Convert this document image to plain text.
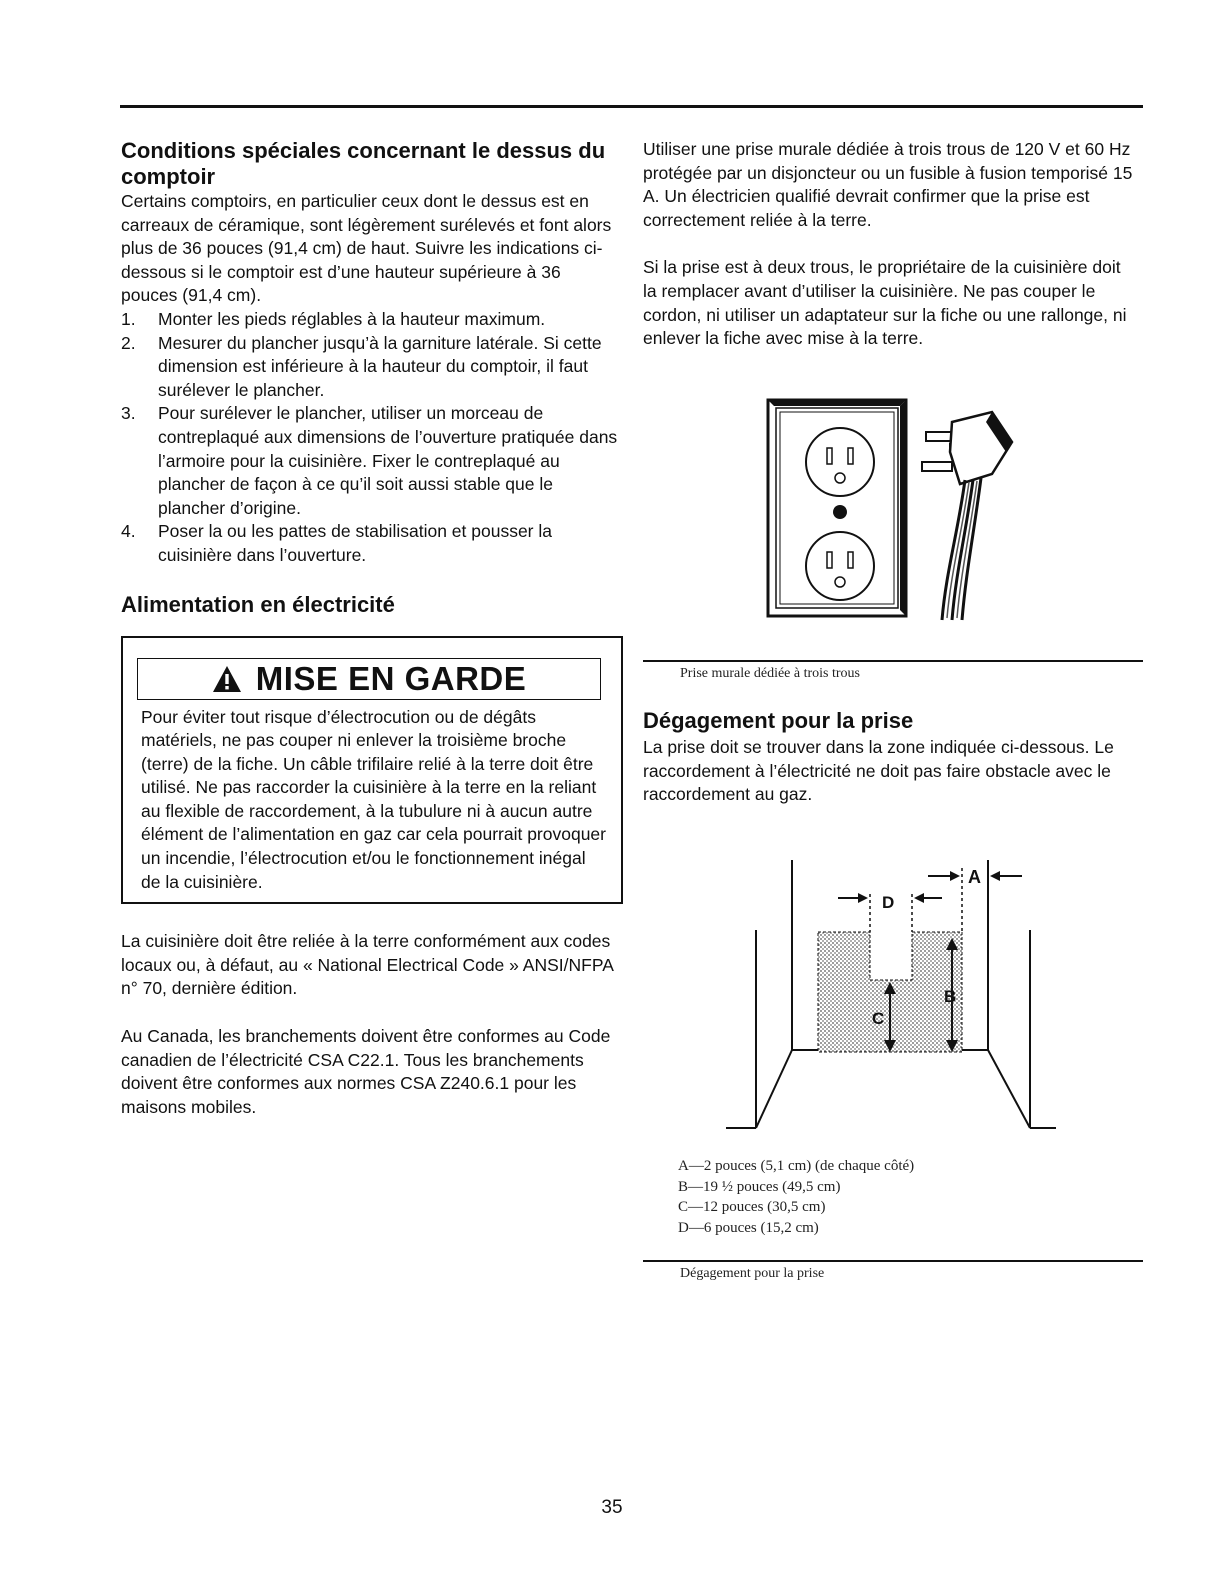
Conditions spéciales concernant le dessus du comptoir

Certains comptoirs, en particulier ceux dont le dessus est en carreaux de céramique, sont légèrement surélevés et font alors plus de 36 pouces (91,4 cm) de haut. Suivre les indications ci-dessous si le comptoir est d’une hauteur supérieure à 36 pouces (91,4 cm).

1. Monter les pieds réglables à la hauteur maximum.
2. Mesurer du plancher jusqu’à la garniture latérale. Si cette dimension est inférieure à la hauteur du comptoir, il faut surélever le plancher.
3. Pour surélever le plancher, utiliser un morceau de contreplaqué aux dimensions de l’ouverture pratiquée dans l’armoire pour la cuisinière. Fixer le contreplaqué au plancher de façon à ce qu’il soit aussi stable que le plancher d’origine.
4. Poser la ou les pattes de stabilisation et pousser la cuisinière dans l’ouverture.
Alimentation en électricité
MISE EN GARDE
Pour éviter tout risque d’électrocution ou de dégâts matériels, ne pas couper ni enlever la troisième broche (terre) de la fiche. Un câble trifilaire relié à la terre doit être utilisé. Ne pas raccorder la cuisinière à la terre en la reliant au flexible de raccordement, à la tubulure ni à aucun autre élément de l’alimentation en gaz car cela pourrait provoquer un incendie, l’électrocution et/ou le fonctionnement inégal de la cuisinière.

La cuisinière doit être reliée à la terre conformément aux codes locaux ou, à défaut, au « National Electrical Code » ANSI/NFPA n° 70, dernière édition.

Au Canada, les branchements doivent être conformes au Code canadien de l’électricité CSA C22.1. Tous les branchements doivent être conformes aux normes CSA Z240.6.1 pour les maisons mobiles.

Utiliser une prise murale dédiée à trois trous de 120 V et 60 Hz protégée par un disjoncteur ou un fusible à fusion temporisé 15 A. Un électricien qualifié devrait confirmer que la prise est correctement reliée à la terre.

Si la prise est à deux trous, le propriétaire de la cuisinière doit la remplacer avant d’utiliser la cuisinière. Ne pas couper le cordon, ni utiliser un adaptateur sur la fiche ou une rallonge, ni enlever la fiche avec mise à la terre.

Prise murale dédiée à trois trous
Dégagement pour la prise

La prise doit se trouver dans la zone indiquée ci-dessous. Le raccordement à l’électricité ne doit pas faire obstacle avec le raccordement au gaz.

A
D
B
C
A—2 pouces (5,1 cm) (de chaque côté)
B—19 ½ pouces (49,5 cm)
C—12 pouces (30,5 cm)
D—6 pouces (15,2 cm)
Dégagement pour la prise
35
